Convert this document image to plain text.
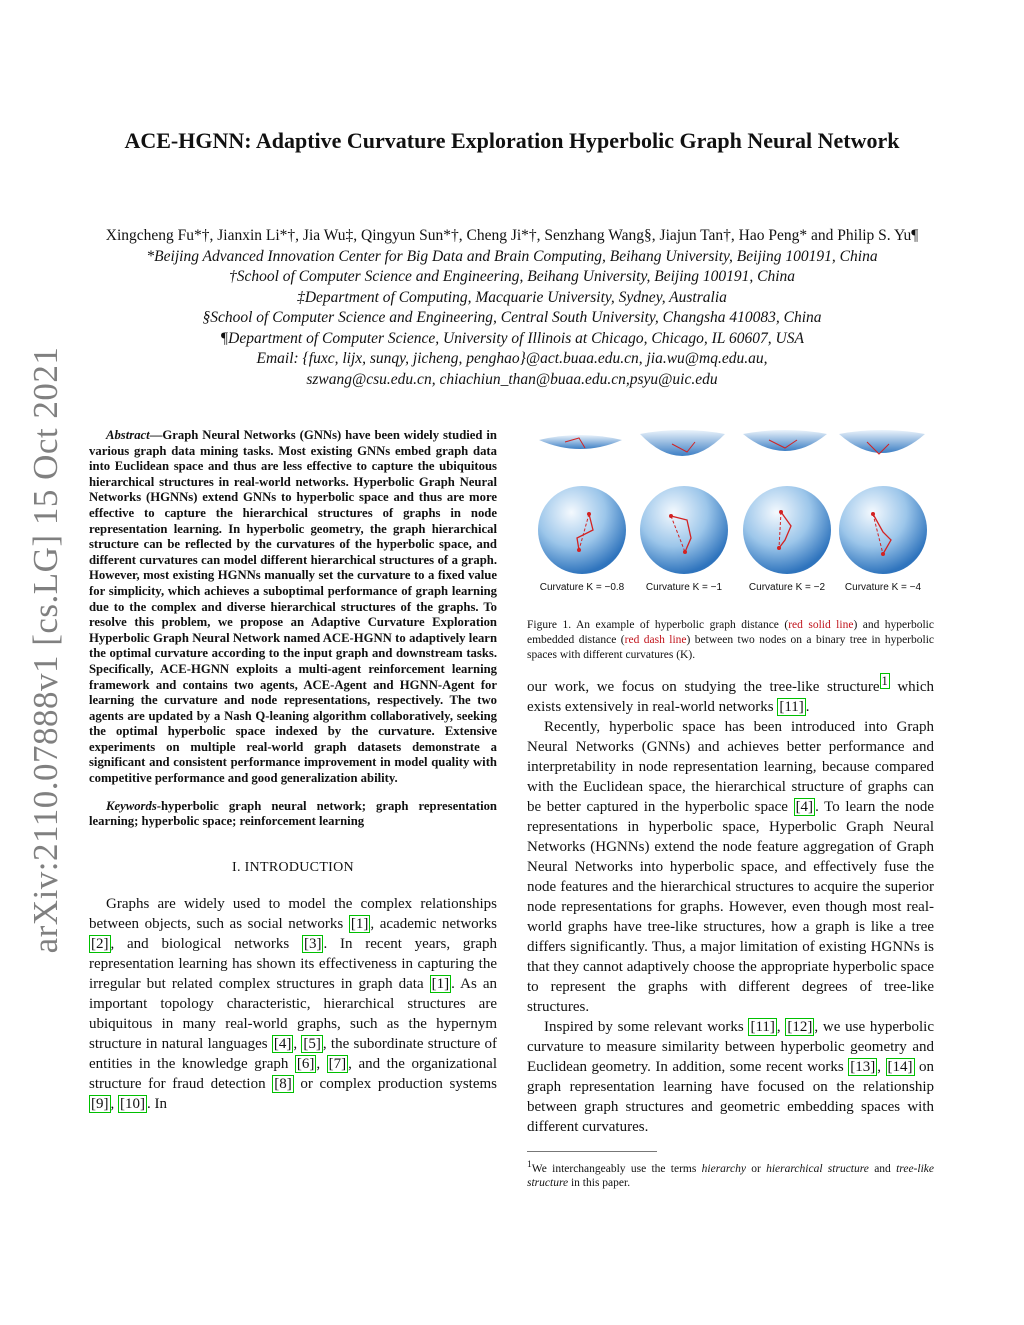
arXiv:2110.07888v1 [cs.LG] 15 Oct 2021
ACE-HGNN: Adaptive Curvature Exploration Hyperbolic Graph Neural Network
Xingcheng Fu*†, Jianxin Li*†, Jia Wu‡, Qingyun Sun*†, Cheng Ji*†, Senzhang Wang§, Jiajun Tan†, Hao Peng* and Philip S. Yu¶
*Beijing Advanced Innovation Center for Big Data and Brain Computing, Beihang University, Beijing 100191, China
†School of Computer Science and Engineering, Beihang University, Beijing 100191, China
‡Department of Computing, Macquarie University, Sydney, Australia
§School of Computer Science and Engineering, Central South University, Changsha 410083, China
¶Department of Computer Science, University of Illinois at Chicago, Chicago, IL 60607, USA
Email: {fuxc, lijx, sunqy, jicheng, penghao}@act.buaa.edu.cn, jia.wu@mq.edu.au,
szwang@csu.edu.cn, chiachiun_than@buaa.edu.cn,psyu@uic.edu

Abstract—Graph Neural Networks (GNNs) have been widely studied in various graph data mining tasks. Most existing GNNs embed graph data into Euclidean space and thus are less effective to capture the ubiquitous hierarchical structures in real-world networks. Hyperbolic Graph Neural Networks (HGNNs) extend GNNs to hyperbolic space and thus are more effective to capture the hierarchical structures of graphs in node representation learning. In hyperbolic geometry, the graph hierarchical structure can be reflected by the curvatures of the hyperbolic space, and different curvatures can model different hierarchical structures of a graph. However, most existing HGNNs manually set the curvature to a fixed value for simplicity, which achieves a suboptimal performance of graph learning due to the complex and diverse hierarchical structures of the graphs. To resolve this problem, we propose an Adaptive Curvature Exploration Hyperbolic Graph Neural Network named ACE-HGNN to adaptively learn the optimal curvature according to the input graph and downstream tasks. Specifically, ACE-HGNN exploits a multi-agent reinforcement learning framework and contains two agents, ACE-Agent and HGNN-Agent for learning the curvature and node representations, respectively. The two agents are updated by a Nash Q-leaning algorithm collaboratively, seeking the optimal hyperbolic space indexed by the curvature. Extensive experiments on multiple real-world graph datasets demonstrate a significant and consistent performance improvement in model quality with competitive performance and good generalization ability.

Keywords-hyperbolic graph neural network; graph representation learning; hyperbolic space; reinforcement learning

I. INTRODUCTION

Graphs are widely used to model the complex relationships between objects, such as social networks [1] , academic networks [2] , and biological networks [3] . In recent years, graph representation learning has shown its effectiveness in capturing the irregular but related complex structures in graph data [1] . As an important topology characteristic, hierarchical structures are ubiquitous in many real-world graphs, such as the hypernym structure in natural languages [4] , [5] , the subordinate structure of entities in the knowledge graph [6] , [7] , and the organizational structure for fraud detection [8] or complex production systems [9] , [10] . In

Curvature K = −0.8 Curvature K = −1	Curvature K = −2 Curvature K = −4

Figure 1. An example of hyperbolic graph distance (red solid line) and hyperbolic embedded distance (red dash line) between two nodes on a binary tree in hyperbolic spaces with different curvatures (K).

our work, we focus on studying the tree-like structure $^1$ which exists extensively in real-world networks [11] .

Recently, hyperbolic space has been introduced into Graph Neural Networks (GNNs) and achieves better performance and interpretability in node representation learning, because compared with the Euclidean space, the hierarchical structure of graphs can be better captured in the hyperbolic space [4] . To learn the node representations in hyperbolic space, Hyperbolic Graph Neural Networks (HGNNs) extend the node feature aggregation of Graph Neural Networks into hyperbolic space, and effectively fuse the node features and the hierarchical structures to acquire the superior node representations for graphs. However, even though most real-world graphs have tree-like structures, how a graph is like a tree differs significantly. Thus, a major limitation of existing HGNNs is that they cannot adaptively choose the appropriate hyperbolic space to represent the graphs with different degrees of tree-like structures.

Inspired by some relevant works [11] , [12] , we use hyperbolic curvature to measure similarity between hyperbolic geometry and Euclidean geometry. In addition, some recent works [13] , [14] on graph representation learning have focused on the relationship between graph structures and geometric embedding spaces with different curvatures.

$^1$We interchangeably use the terms hierarchy or hierarchical structure and tree-like structure in this paper.
